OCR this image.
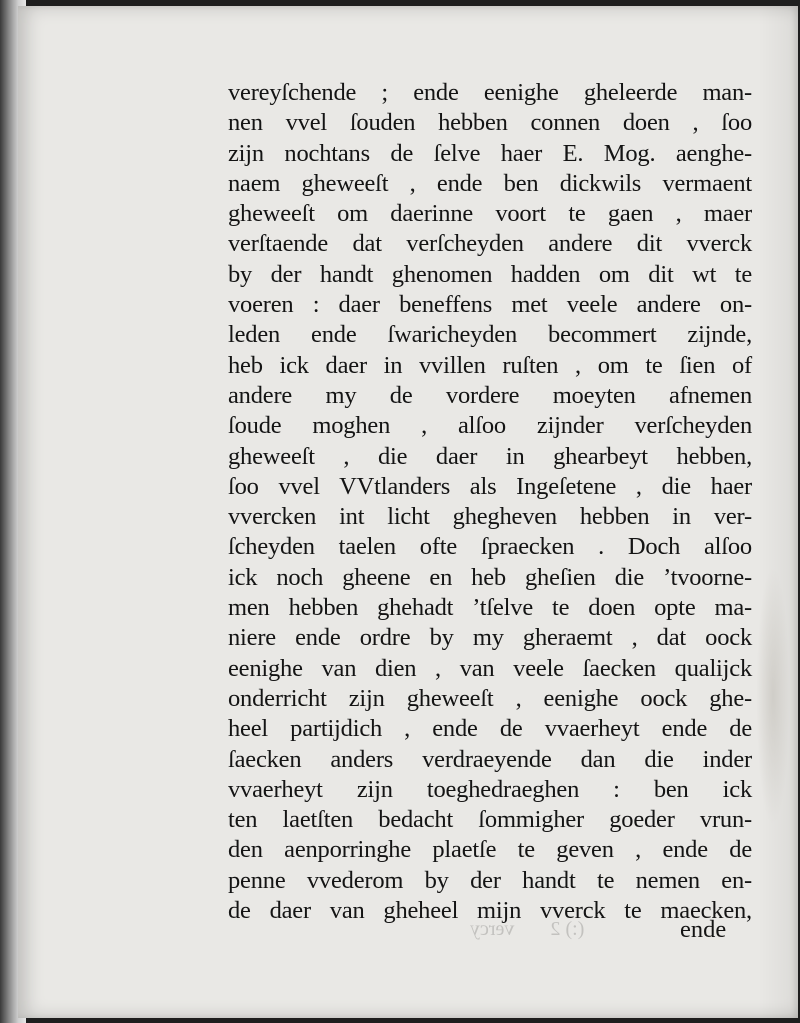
(:) 2vercy
vereyſchende ; ende eenighe gheleerde man-
nen vvel ſouden hebben connen doen , ſoo
zijn nochtans de ſelve haer E. Mog. aenghe-
naem gheweeſt , ende ben dickwils vermaent
gheweeſt om daerinne voort te gaen , maer
verſtaende dat verſcheyden andere dit vverck
by der handt ghenomen hadden om dit wt te
voeren : daer beneffens met veele andere on-
leden ende ſwaricheyden becommert zijnde,
heb ick daer in vvillen ruſten , om te ſien of
andere my de vordere moeyten afnemen
ſoude moghen , alſoo zijnder verſcheyden
gheweeſt , die daer in ghearbeyt hebben,
ſoo vvel VVtlanders als Ingeſetene , die haer
vvercken int licht ghegheven hebben in ver-
ſcheyden taelen ofte ſpraecken . Doch alſoo
ick noch gheene en heb gheſien die ’tvoorne-
men hebben ghehadt ’tſelve te doen opte ma-
niere ende ordre by my gheraemt , dat oock
eenighe van dien , van veele ſaecken qualijck
onderricht zijn gheweeſt , eenighe oock ghe-
heel partijdich , ende de vvaerheyt ende de
ſaecken anders verdraeyende dan die inder
vvaerheyt zijn toeghedraeghen : ben ick
ten laetſten bedacht ſommigher goeder vrun-
den aenporringhe plaetſe te geven , ende de
penne vvederom by der handt te nemen en-
de daer van gheheel mijn vverck te maecken,
ende
